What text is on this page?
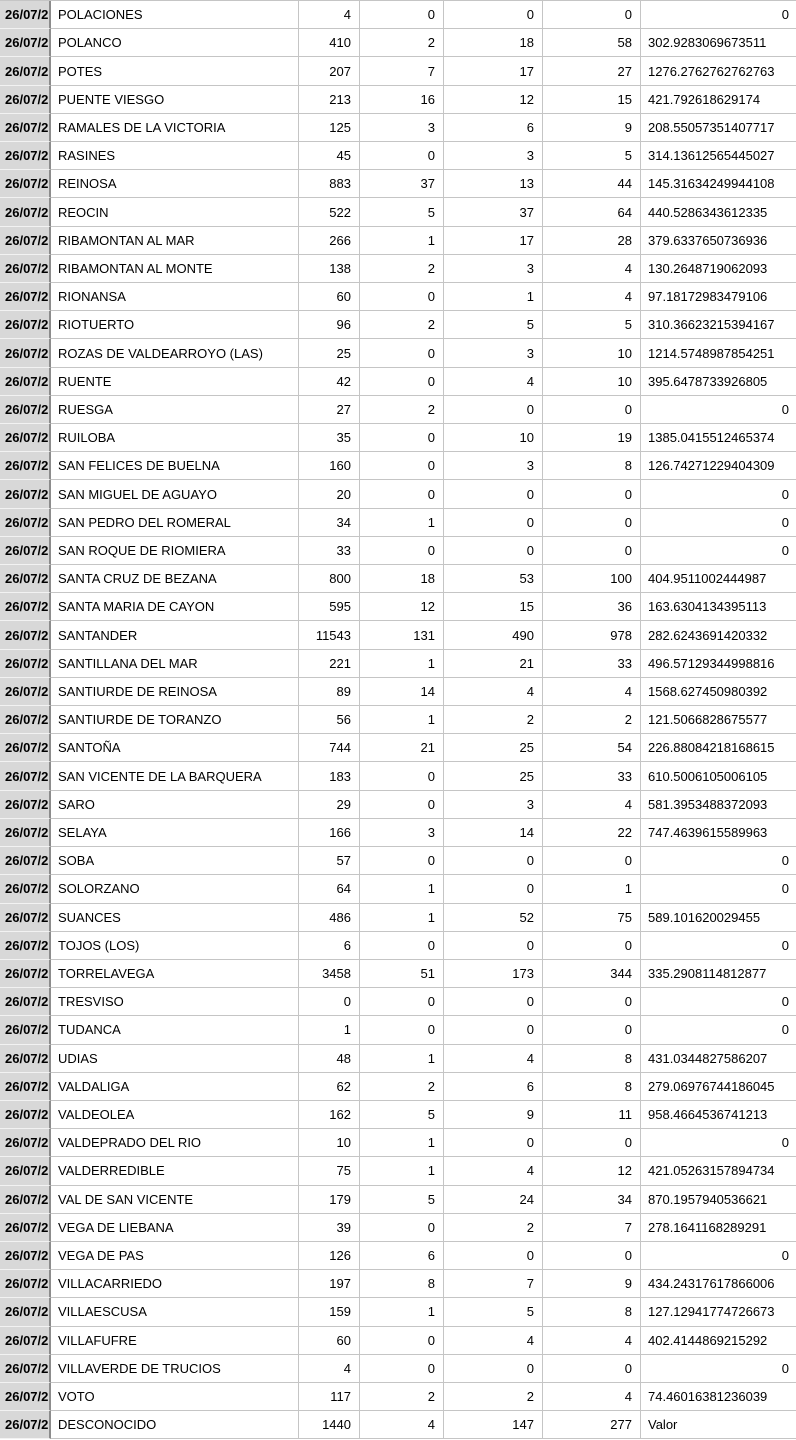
26/07/2 POLACIONES	4	0	0	0	0
26/07/2 POLANCO	410	2	18	58	302.9283069673511
26/07/2 POTES	207	7	17	27	1276.2762762762763
26/07/2 PUENTE VIESGO	213	16	12	15	421.792618629174
26/07/2 RAMALES DE LA VICTORIA	125	3	6	9	208.55057351407717
26/07/2 RASINES	45	0	3	5	314.13612565445027
26/07/2 REINOSA	883	37	13	44	145.31634249944108
26/07/2 REOCIN	522	5	37	64	440.5286343612335
26/07/2 RIBAMONTAN AL MAR	266	1	17	28	379.6337650736936
26/07/2 RIBAMONTAN AL MONTE	138	2	3	4	130.2648719062093
26/07/2 RIONANSA	60	0	1	4	97.18172983479106
26/07/2 RIOTUERTO	96	2	5	5	310.36623215394167
26/07/2 ROZAS DE VALDEARROYO (LAS)	25	0	3	10	1214.5748987854251
26/07/2 RUENTE	42	0	4	10	395.6478733926805
26/07/2 RUESGA	27	2	0	0	0
26/07/2 RUILOBA	35	0	10	19	1385.0415512465374
26/07/2 SAN FELICES DE BUELNA	160	0	3	8	126.74271229404309
26/07/2 SAN MIGUEL DE AGUAYO	20	0	0	0	0
26/07/2 SAN PEDRO DEL ROMERAL	34	1	0	0	0
26/07/2 SAN ROQUE DE RIOMIERA	33	0	0	0	0
26/07/2 SANTA CRUZ DE BEZANA	800	18	53	100	404.9511002444987
26/07/2 SANTA MARIA DE CAYON	595	12	15	36	163.6304134395113
26/07/2 SANTANDER	11543	131	490	978	282.6243691420332
26/07/2 SANTILLANA DEL MAR	221	1	21	33	496.57129344998816
26/07/2 SANTIURDE DE REINOSA	89	14	4	4	1568.627450980392
26/07/2 SANTIURDE DE TORANZO	56	1	2	2	121.5066828675577
26/07/2 SANTOÑA	744	21	25	54	226.88084218168615
26/07/2 SAN VICENTE DE LA BARQUERA	183	0	25	33	610.5006105006105
26/07/2 SARO	29	0	3	4	581.3953488372093
26/07/2 SELAYA	166	3	14	22	747.4639615589963
26/07/2 SOBA	57	0	0	0	0
26/07/2 SOLORZANO	64	1	0	1	0
26/07/2 SUANCES	486	1	52	75	589.101620029455
26/07/2 TOJOS (LOS)	6	0	0	0	0
26/07/2 TORRELAVEGA	3458	51	173	344	335.2908114812877
26/07/2 TRESVISO	0	0	0	0	0
26/07/2 TUDANCA	1	0	0	0	0
26/07/2 UDIAS	48	1	4	8	431.0344827586207
26/07/2 VALDALIGA	62	2	6	8	279.06976744186045
26/07/2 VALDEOLEA	162	5	9	11	958.4664536741213
26/07/2 VALDEPRADO DEL RIO	10	1	0	0	0
26/07/2 VALDERREDIBLE	75	1	4	12	421.05263157894734
26/07/2 VAL DE SAN VICENTE	179	5	24	34	870.1957940536621
26/07/2 VEGA DE LIEBANA	39	0	2	7	278.1641168289291
26/07/2 VEGA DE PAS	126	6	0	0	0
26/07/2 VILLACARRIEDO	197	8	7	9	434.24317617866006
26/07/2 VILLAESCUSA	159	1	5	8	127.12941774726673
26/07/2 VILLAFUFRE	60	0	4	4	402.4144869215292
26/07/2 VILLAVERDE DE TRUCIOS	4	0	0	0	0
26/07/2 VOTO	117	2	2	4	74.46016381236039
26/07/2 DESCONOCIDO	1440	4	147	277	Valor
